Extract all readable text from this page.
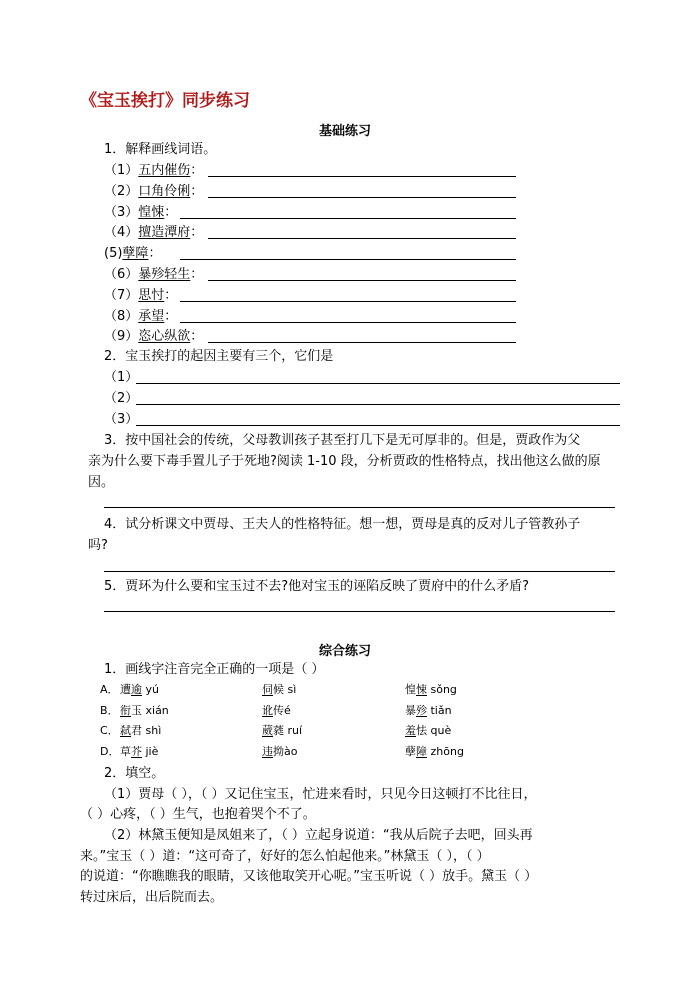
《宝玉挨打》同步练习
基础练习
1．解释画线词语。
（1）五内催伤：
（2）口角伶俐：
（3）惶悚：
（4）擅造潭府：
(5)孽障：
（6）暴殄轻生：
（7）思忖：
（8）承望：
（9）恣心纵欲：
2．宝玉挨打的起因主要有三个，它们是
（1）
（2）
（3）
3．按中国社会的传统，父母教训孩子甚至打几下是无可厚非的。但是，贾政作为父
亲为什么要下毒手置儿子于死地?阅读 1-10 段，分析贾政的性格特点，找出他这么做的原
因。
4．试分析课文中贾母、王夫人的性格特征。想一想，贾母是真的反对儿子管教孙子
吗?
5．贾环为什么要和宝玉过不去?他对宝玉的诬陷反映了贾府中的什么矛盾?
综合练习
1．画线字注音完全正确的一项是（ ）
A． 遭逾 yú	伺候 sì	惶悚 sǒng
B． 衔玉 xián	讹传é	暴殄 tiǎn
C． 弑君 shì	葳蕤 ruí	羞怯 què
D． 草芥 jiè	违拗ào	孽障 zhōng
2．填空。
（1）贾母（ ），（ ）又记住宝玉，忙进来看时，只见今日这顿打不比往日，
（ ）心疼，（ ）生气，也抱着哭个不了。
（2）林黛玉便知是凤姐来了，（ ）立起身说道：“我从后院子去吧，回头再
来。”宝玉（ ）道：“这可奇了，好好的怎么怕起他来。”林黛玉（ ），（ ）
的说道：“你瞧瞧我的眼睛，又该他取笑开心呢。”宝玉听说（ ）放手。黛玉（ ）
转过床后，出后院而去。
